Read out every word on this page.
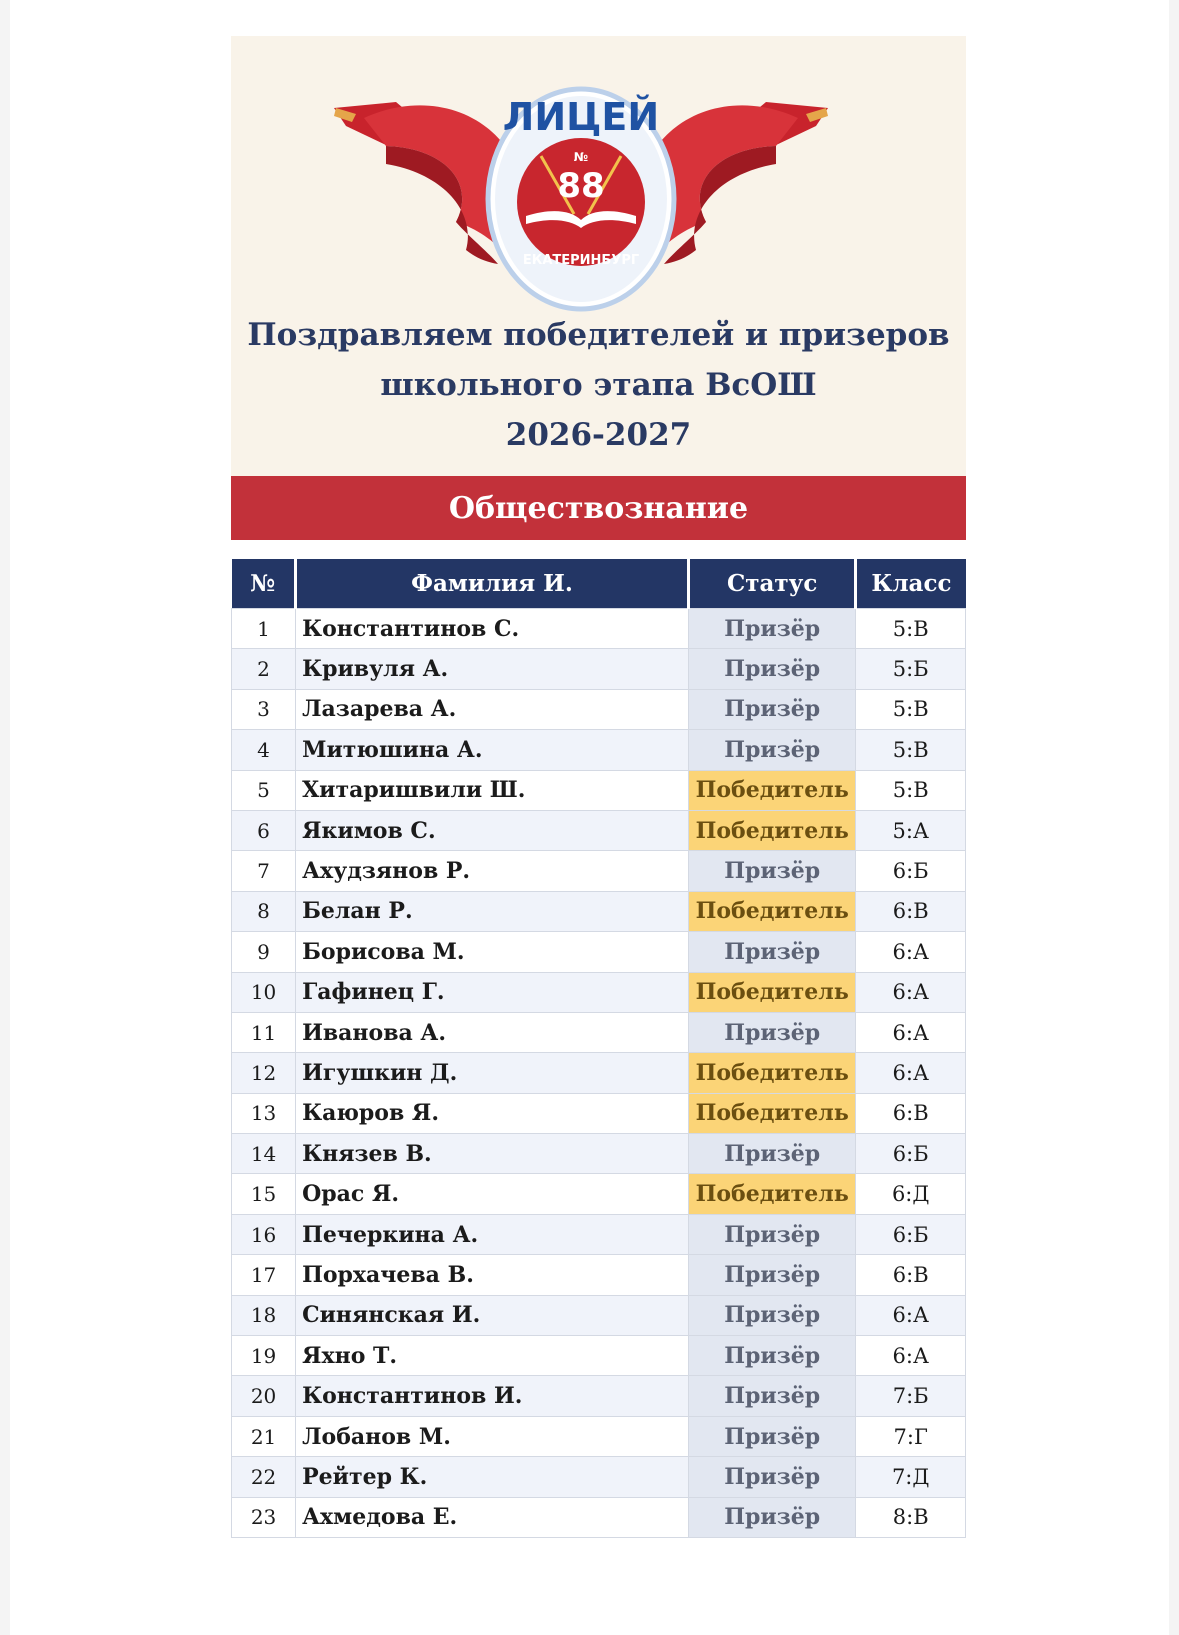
ЛИЦЕЙ
№
88
ЕКАТЕРИНБУРГ
Поздравляем победителей и призеров
школьного этапа ВсОШ
2026-2027
Обществознание
№	Фамилия И.	Статус	Класс
1	Константинов С.	Призёр	5:В
2	Кривуля А.	Призёр	5:Б
3	Лазарева А.	Призёр	5:В
4	Митюшина А.	Призёр	5:В
5	Хитаришвили Ш.	Победитель	5:В
6	Якимов С.	Победитель	5:А
7	Ахудзянов Р.	Призёр	6:Б
8	Белан Р.	Победитель	6:В
9	Борисова М.	Призёр	6:А
10	Гафинец Г.	Победитель	6:А
11	Иванова А.	Призёр	6:А
12	Игушкин Д.	Победитель	6:А
13	Каюров Я.	Победитель	6:В
14	Князев В.	Призёр	6:Б
15	Орас Я.	Победитель	6:Д
16	Печеркина А.	Призёр	6:Б
17	Порхачева В.	Призёр	6:В
18	Синянская И.	Призёр	6:А
19	Яхно Т.	Призёр	6:А
20	Константинов И.	Призёр	7:Б
21	Лобанов М.	Призёр	7:Г
22	Рейтер К.	Призёр	7:Д
23	Ахмедова Е.	Призёр	8:В
